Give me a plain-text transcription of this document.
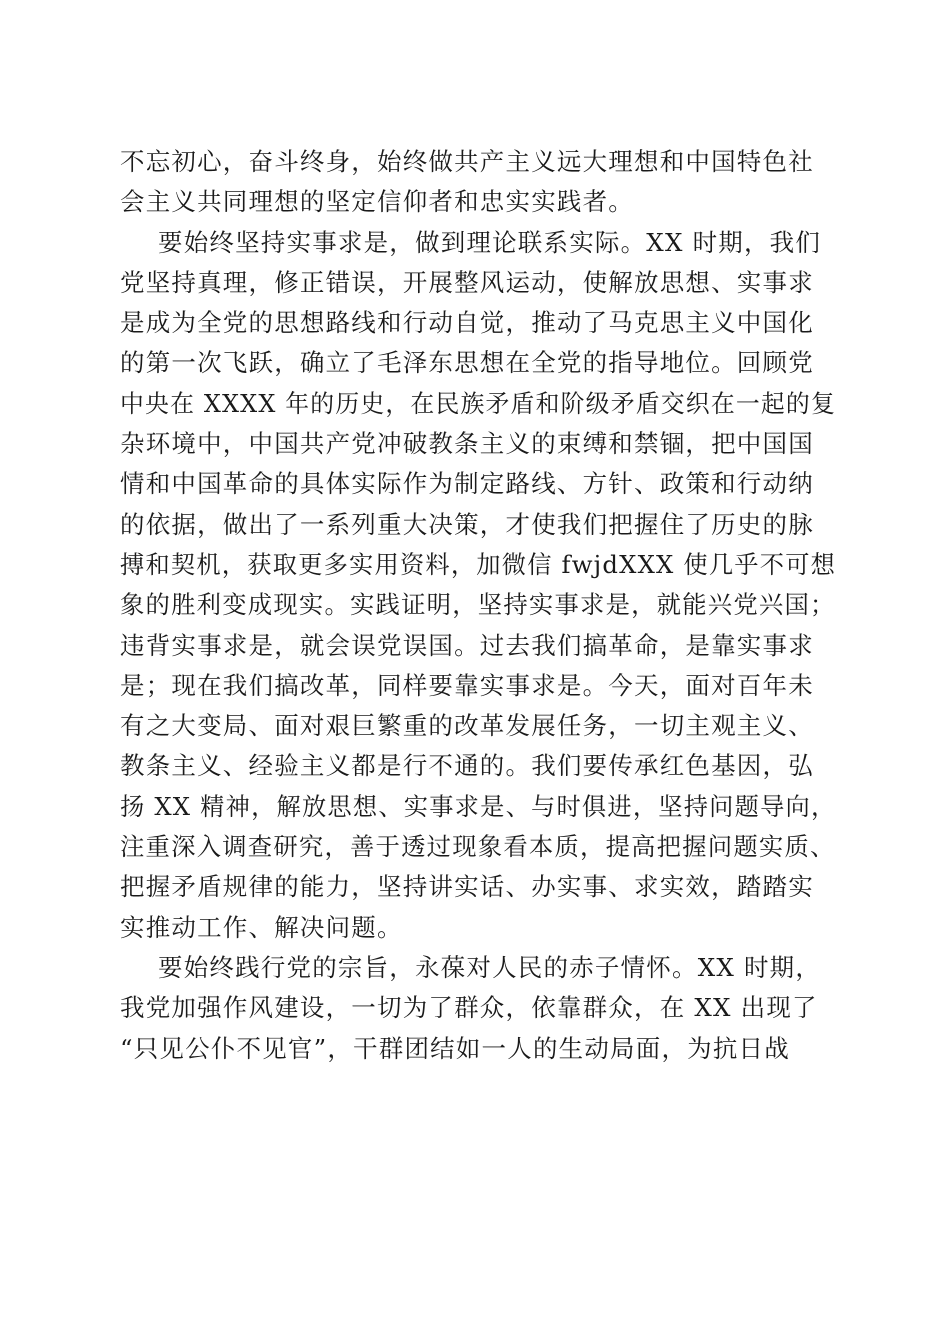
不忘初心，奋斗终身，始终做共产主义远大理想和中国特色社
会主义共同理想的坚定信仰者和忠实实践者。
要始终坚持实事求是，做到理论联系实际。XX 时期，我们
党坚持真理，修正错误，开展整风运动，使解放思想、实事求
是成为全党的思想路线和行动自觉，推动了马克思主义中国化
的第一次飞跃，确立了毛泽东思想在全党的指导地位。回顾党
中央在 XXXX 年的历史，在民族矛盾和阶级矛盾交织在一起的复
杂环境中，中国共产党冲破教条主义的束缚和禁锢，把中国国
情和中国革命的具体实际作为制定路线、方针、政策和行动纳
的依据，做出了一系列重大决策，才使我们把握住了历史的脉
搏和契机，获取更多实用资料，加微信 fwjdXXX 使几乎不可想
象的胜利变成现实。实践证明，坚持实事求是，就能兴党兴国；
违背实事求是，就会误党误国。过去我们搞革命，是靠实事求
是；现在我们搞改革，同样要靠实事求是。今天，面对百年未
有之大变局、面对艰巨繁重的改革发展任务，一切主观主义、
教条主义、经验主义都是行不通的。我们要传承红色基因，弘
扬 XX 精神，解放思想、实事求是、与时俱进，坚持问题导向，
注重深入调查研究，善于透过现象看本质，提高把握问题实质、
把握矛盾规律的能力，坚持讲实话、办实事、求实效，踏踏实
实推动工作、解决问题。
要始终践行党的宗旨，永葆对人民的赤子情怀。XX 时期，
我党加强作风建设，一切为了群众，依靠群众，在 XX 出现了
“只见公仆不见官”，干群团结如一人的生动局面，为抗日战
